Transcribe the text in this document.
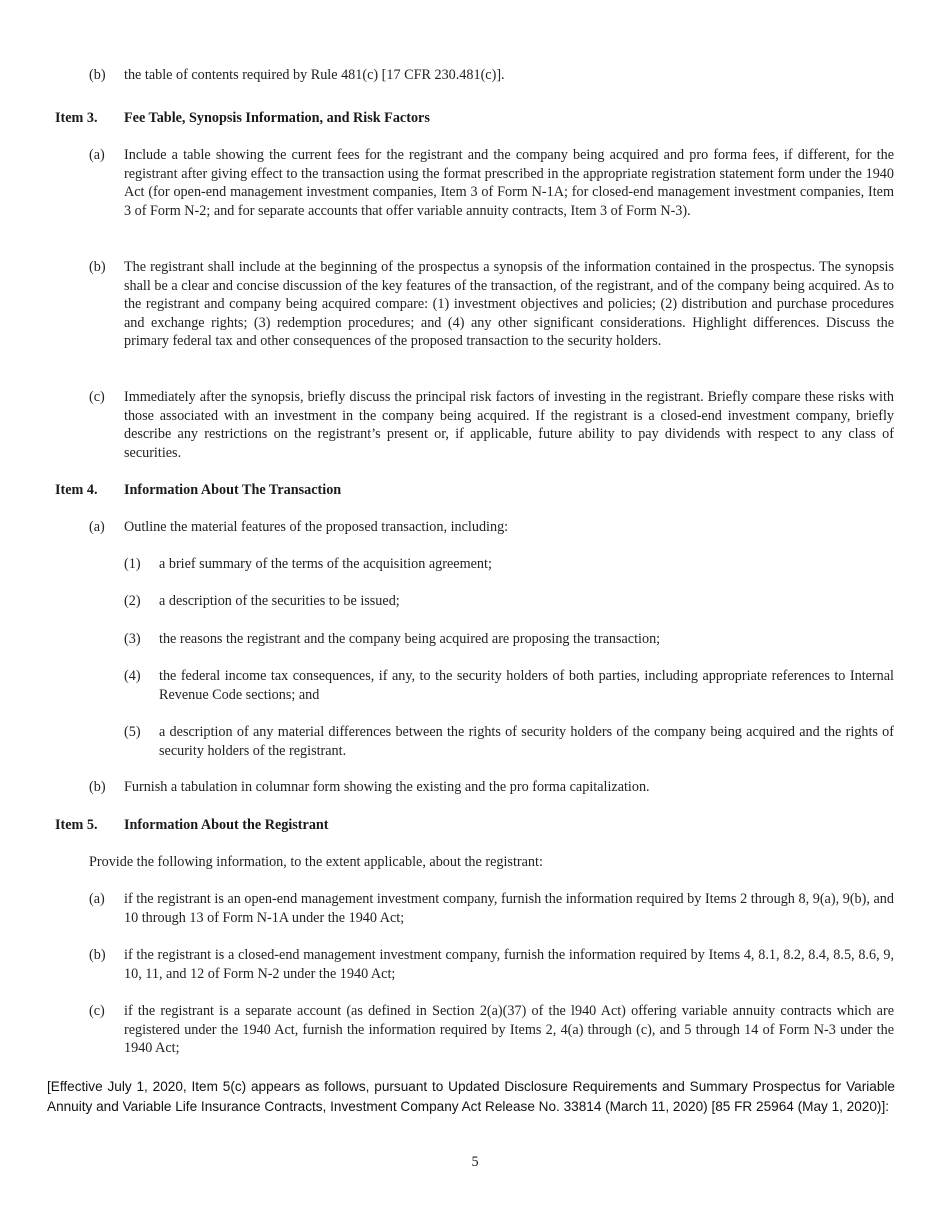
(b) the table of contents required by Rule 481(c) [17 CFR 230.481(c)].
Item 3. Fee Table, Synopsis Information, and Risk Factors
(a) Include a table showing the current fees for the registrant and the company being acquired and pro forma fees, if different, for the registrant after giving effect to the transaction using the format prescribed in the appropriate registration statement form under the 1940 Act (for open-end management investment companies, Item 3 of Form N-1A; for closed-end management investment companies, Item 3 of Form N-2; and for separate accounts that offer variable annuity contracts, Item 3 of Form N-3).
(b) The registrant shall include at the beginning of the prospectus a synopsis of the information contained in the prospectus. The synopsis shall be a clear and concise discussion of the key features of the transaction, of the registrant, and of the company being acquired. As to the registrant and company being acquired compare: (1) investment objectives and policies; (2) distribution and purchase procedures and exchange rights; (3) redemption procedures; and (4) any other significant considerations. Highlight differences. Discuss the primary federal tax and other consequences of the proposed transaction to the security holders.
(c) Immediately after the synopsis, briefly discuss the principal risk factors of investing in the registrant. Briefly compare these risks with those associated with an investment in the company being acquired. If the registrant is a closed-end investment company, briefly describe any restrictions on the registrant’s present or, if applicable, future ability to pay dividends with respect to any class of securities.
Item 4. Information About The Transaction
(a) Outline the material features of the proposed transaction, including:
(1) a brief summary of the terms of the acquisition agreement;
(2) a description of the securities to be issued;
(3) the reasons the registrant and the company being acquired are proposing the transaction;
(4) the federal income tax consequences, if any, to the security holders of both parties, including appropriate references to Internal Revenue Code sections; and
(5) a description of any material differences between the rights of security holders of the company being acquired and the rights of security holders of the registrant.
(b) Furnish a tabulation in columnar form showing the existing and the pro forma capitalization.
Item 5. Information About the Registrant
Provide the following information, to the extent applicable, about the registrant:
(a) if the registrant is an open-end management investment company, furnish the information required by Items 2 through 8, 9(a), 9(b), and 10 through 13 of Form N-1A under the 1940 Act;
(b) if the registrant is a closed-end management investment company, furnish the information required by Items 4, 8.1, 8.2, 8.4, 8.5, 8.6, 9, 10, 11, and 12 of Form N-2 under the 1940 Act;
(c) if the registrant is a separate account (as defined in Section 2(a)(37) of the l940 Act) offering variable annuity contracts which are registered under the 1940 Act, furnish the information required by Items 2, 4(a) through (c), and 5 through 14 of Form N-3 under the 1940 Act;
[Effective July 1, 2020, Item 5(c) appears as follows, pursuant to Updated Disclosure Requirements and Summary Prospectus for Variable Annuity and Variable Life Insurance Contracts, Investment Company Act Release No. 33814 (March 11, 2020) [85 FR 25964 (May 1, 2020)]:
5
